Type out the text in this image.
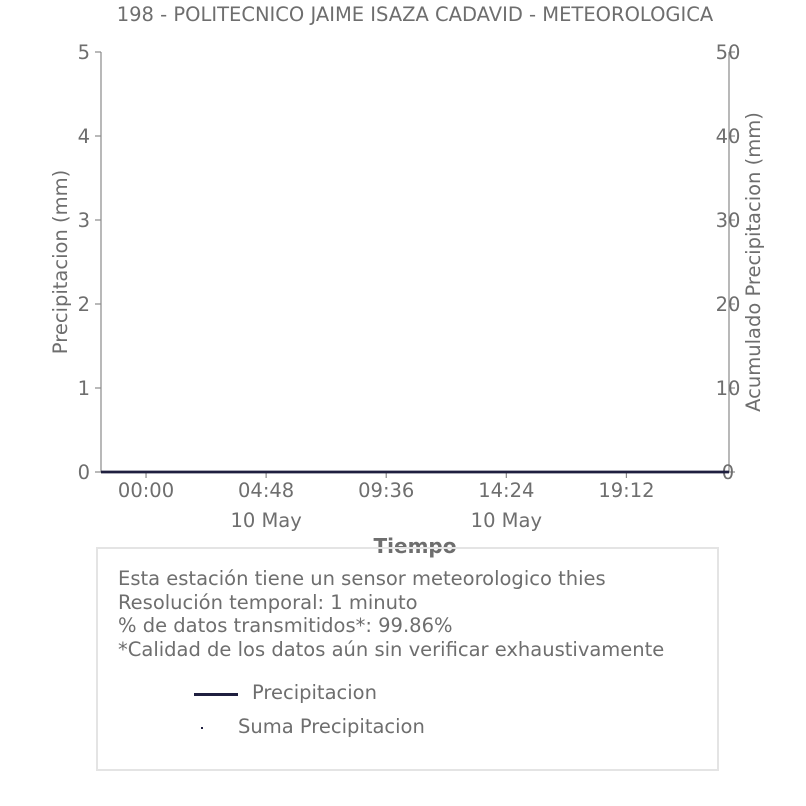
198 - POLITECNICO JAIME ISAZA CADAVID - METEOROLOGICA
0
1
2
3
4
5
0
10
20
30
40
50
00:00	04:48
10 May
09:36	14:24
10 May
19:12
Precipitacion (mm)	Acumulado Precipitacion (mm)
Tiempo
Esta estación tiene un sensor meteorologico thies
Resolución temporal: 1 minuto
% de datos transmitidos*: 99.86%
*Calidad de los datos aún sin verificar exhaustivamente
Precipitacion
Suma Precipitacion
